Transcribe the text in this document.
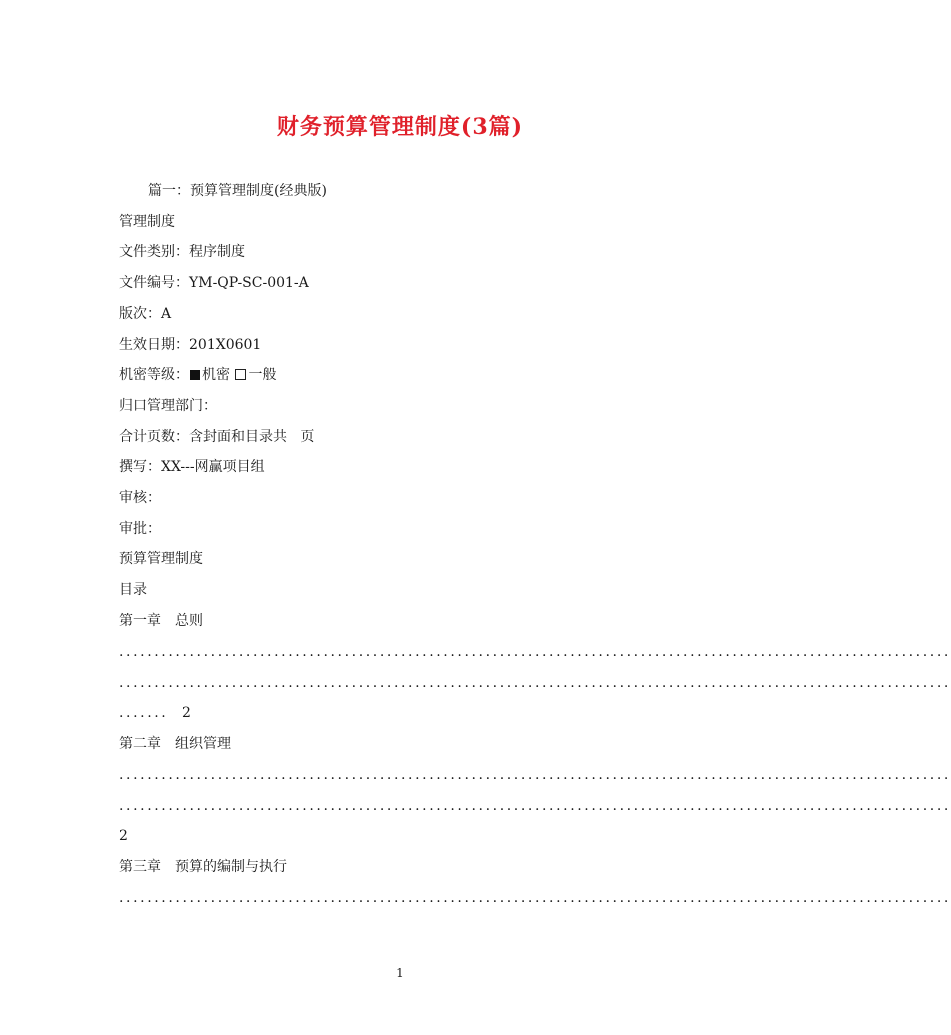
财务预算管理制度(3篇)
篇一：预算管理制度(经典版)
管理制度
文件类别：程序制度
文件编号：YM-QP-SC-001-A
版次：A
生效日期：201X0601
机密等级： 机密 一般
归口管理部门：
合计页数：含封面和目录共   页
撰写：XX---网赢项目组
审核：
审批：
预算管理制度
目录
第一章　总则
......................................................................................................................
......................................................................................................................
....... 2
第二章　组织管理
......................................................................................................................
......................................................................................................................
2
第三章　预算的编制与执行
......................................................................................................................
1
